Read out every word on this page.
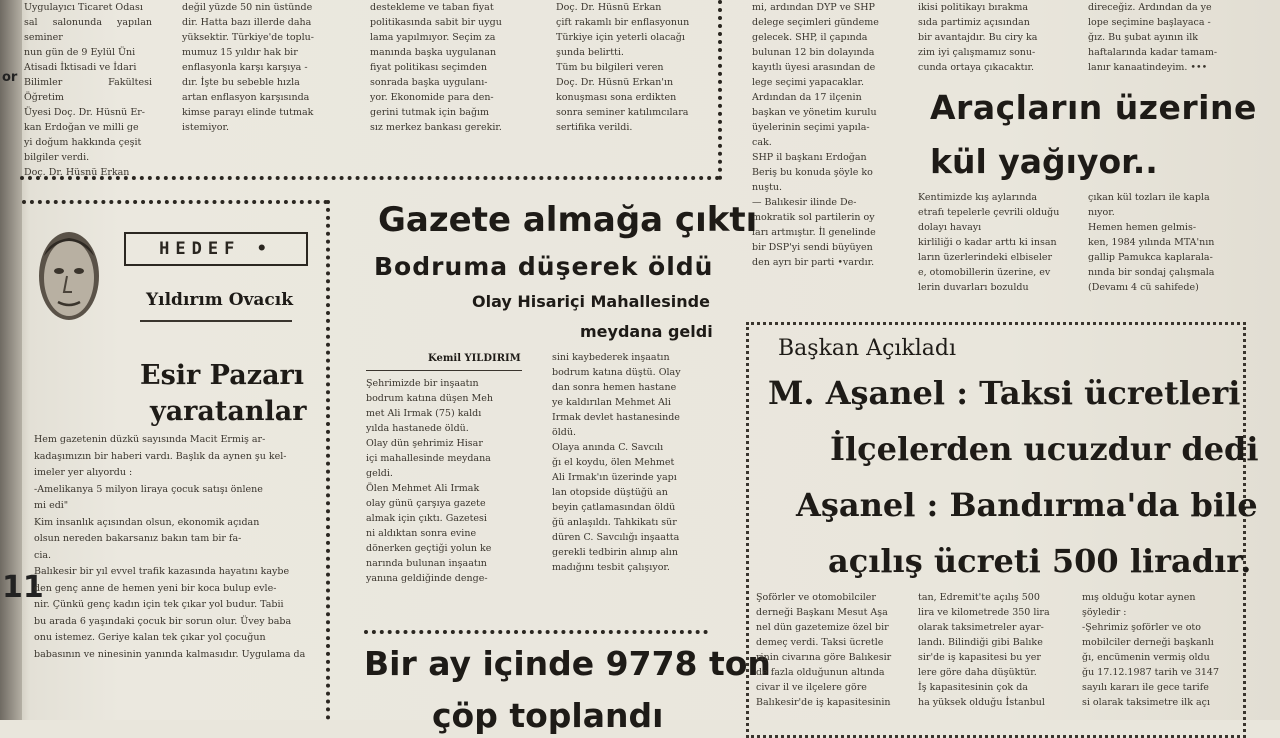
or
11
Uygulayıcı Ticaret Odası
sal salonunda yapılan seminer
nun gün de 9 Eylül Üni
Atisadi İktisadi ve İdari
Bilimler Fakültesi Öğretim
Üyesi Doç. Dr. Hüsnü Er-
kan Erdoğan ve milli ge
yi doğum hakkında çeşit
bilgiler verdi.
Doç. Dr. Hüsnü Erkan
değil yüzde 50 nin üstünde
dir. Hatta bazı illerde daha
yüksektir. Türkiye'de toplu-
mumuz 15 yıldır hak bir
enflasyonla karşı karşıya -
dır. İşte bu sebeble hızla
artan enflasyon karşısında
kimse parayı elinde tutmak
istemiyor.
destekleme ve taban fiyat
politikasında sabit bir uygu
lama yapılmıyor. Seçim za
manında başka uygulanan
fiyat politikası seçimden
sonrada başka uygulanı-
yor. Ekonomide para den-
gerini tutmak için bağım
sız merkez bankası gerekir.
Doç. Dr. Hüsnü Erkan
çift rakamlı bir enflasyonun
Türkiye için yeterli olacağı
şunda belirtti.
Tüm bu bilgileri veren
Doç. Dr. Hüsnü Erkan'ın
konuşması sona erdikten
sonra seminer katılımcılara
sertifika verildi.
mi, ardından DYP ve SHP
delege seçimleri gündeme
gelecek. SHP, il çapında
bulunan 12 bin dolayında
kayıtlı üyesi arasından de
lege seçimi yapacaklar.
Ardından da 17 ilçenin
başkan ve yönetim kurulu
üyelerinin seçimi yapıla-
cak.
SHP il başkanı Erdoğan
Beriş bu konuda şöyle ko
nuştu.
— Balıkesir ilinde De-
mokratik sol partilerin oy
ları artmıştır. İl genelinde
bir DSP'yi sendi büyüyen
den ayrı bir parti •vardır.
ikisi politikayı bırakma
sıda partimiz açısından
bir avantajdır. Bu ciry ka
zim iyi çalışmamız sonu-
cunda ortaya çıkacaktır.
direceğiz. Ardından da ye
lope seçimine başlayaca -
ğız. Bu şubat ayının ilk
haftalarında kadar tamam-
lanır kanaatindeyim. •••
Araçların üzerine
kül yağıyor..
Kentimizde kış aylarında
etrafı tepelerle çevrili olduğu
dolayı havayı
kirliliği o kadar arttı ki insan
ların üzerlerindeki elbiseler
e, otomobillerin üzerine, ev
lerin duvarları bozuldu
çıkan kül tozları ile kapla
nıyor.
Hemen hemen gelmis-
ken, 1984 yılında MTA'nın
gallip Pamukca kaplarala-
nında bir sondaj çalışmala
(Devamı 4 cü sahifede)
HEDEF •
Yıldırım Ovacık
Esir Pazarı
yaratanlar
Hem gazetenin düzkü sayısında Macit Ermiş ar-
kadaşımızın bir haberi vardı. Başlık da aynen şu kel-
imeler yer alıyordu :
-Amelikanya 5 milyon liraya çocuk satışı önlene
mi edi"
Kim insanlık açısından olsun, ekonomik açıdan
olsun nereden bakarsanız bakın tam bir fa-
cia.
Balıkesir bir yıl evvel trafik kazasında hayatını kaybe
den genç anne de hemen yeni bir koca bulup evle-
nir. Çünkü genç kadın için tek çıkar yol budur. Tabii
bu arada 6 yaşındaki çocuk bir sorun olur. Üvey baba
onu istemez. Geriye kalan tek çıkar yol çocuğun
babasının ve ninesinin yanında kalmasıdır. Uygulama da
Gazete almağa çıktı
Bodruma düşerek öldü
Olay Hisariçi Mahallesinde
meydana geldi
Kemil YILDIRIM
Şehrimizde bir inşaatın
bodrum katına düşen Meh
met Ali Irmak (75) kaldı
yılda hastanede öldü.
Olay dün şehrimiz Hisar
içi mahallesinde meydana
geldi.
Ölen Mehmet Ali Irmak
olay günü çarşıya gazete
almak için çıktı. Gazetesi
ni aldıktan sonra evine
dönerken geçtiği yolun ke
narında bulunan inşaatın
yanına geldiğinde denge-
sini kaybederek inşaatın
bodrum katına düştü. Olay
dan sonra hemen hastane
ye kaldırılan Mehmet Ali
Irmak devlet hastanesinde
öldü.
Olaya anında C. Savcılı
ğı el koydu, ölen Mehmet
Ali Irmak'ın üzerinde yapı
lan otopside düştüğü an
beyin çatlamasından öldü
ğü anlaşıldı. Tahkikatı sür
düren C. Savcılığı inşaatta
gerekli tedbirin alınıp alın
madığını tesbit çalışıyor.
Bir ay içinde 9778 ton
çöp toplandı
Başkan Açıkladı
M. Aşanel : Taksi ücretleri
İlçelerden ucuzdur dedi
Aşanel : Bandırma'da bile
açılış ücreti 500 liradır.
Şoförler ve otomobilciler
derneği Başkanı Mesut Aşa
nel dün gazetemize özel bir
demeç verdi. Taksi ücretle
rinin civarına göre Balıkesir
de fazla olduğunun altında
civar il ve ilçelere göre
Balıkesir'de iş kapasitesinin
tan, Edremit'te açılış 500
lira ve kilometrede 350 lira
olarak taksimetreler ayar-
landı. Bilindiği gibi Balıke
sir'de iş kapasitesi bu yer
lere göre daha düşüktür.
İş kapasitesinin çok da
ha yüksek olduğu İstanbul
mış olduğu kotar aynen
şöyledir :
-Şehrimiz şoförler ve oto
mobilciler derneği başkanlı
ğı, encümenin vermiş oldu
ğu 17.12.1987 tarih ve 3147
sayılı kararı ile gece tarife
si olarak taksimetre ilk açı
